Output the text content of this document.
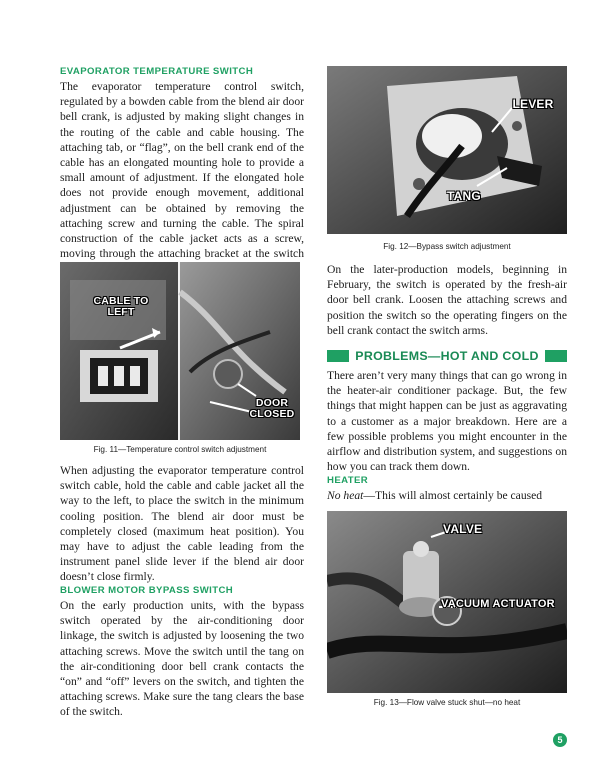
EVAPORATOR TEMPERATURE SWITCH

The evaporator temperature control switch, regulated by a bowden cable from the blend air door bell crank, is adjusted by making slight changes in the routing of the cable and cable housing. The attaching tab, or “flag”, on the bell crank end of the cable has an elongated mounting hole to provide a small amount of adjustment. If the elongated hole does not provide enough movement, additional adjustment can be obtained by removing the attaching screw and turning the cable. The spiral construction of the cable jacket acts as a screw, moving through the attaching bracket at the switch

CABLE TO LEFT
DOOR CLOSED
Fig. 11—Temperature control switch adjustment

When adjusting the evaporator temperature control switch cable, hold the cable and cable jacket all the way to the left, to place the switch in the minimum cooling position. The blend air door must be completely closed (maximum heat position). You may have to adjust the cable leading from the instrument panel slide lever if the blend air door doesn’t close firmly.

BLOWER MOTOR BYPASS SWITCH

On the early production units, with the bypass switch operated by the air-conditioning door linkage, the switch is adjusted by loosening the two attaching screws. Move the switch until the tang on the air-conditioning door bell crank contacts the “on” and “off” levers on the switch, and tighten the attaching screws. Make sure the tang clears the base of the switch.

LEVER
TANG
Fig. 12—Bypass switch adjustment

On the later-production models, beginning in February, the switch is operated by the fresh-air door bell crank. Loosen the attaching screws and position the switch so the operating fingers on the bell crank contact the switch arms.

PROBLEMS—HOT AND COLD

There aren’t very many things that can go wrong in the heater-air conditioner package. But, the few things that might happen can be just as aggravating to a customer as a major breakdown. Here are a few possible problems you might encounter in the airflow and distribution system, and suggestions on how you can track them down.

HEATER

No heat—This will almost certainly be caused

VALVE
VACUUM ACTUATOR
Fig. 13—Flow valve stuck shut—no heat
5
